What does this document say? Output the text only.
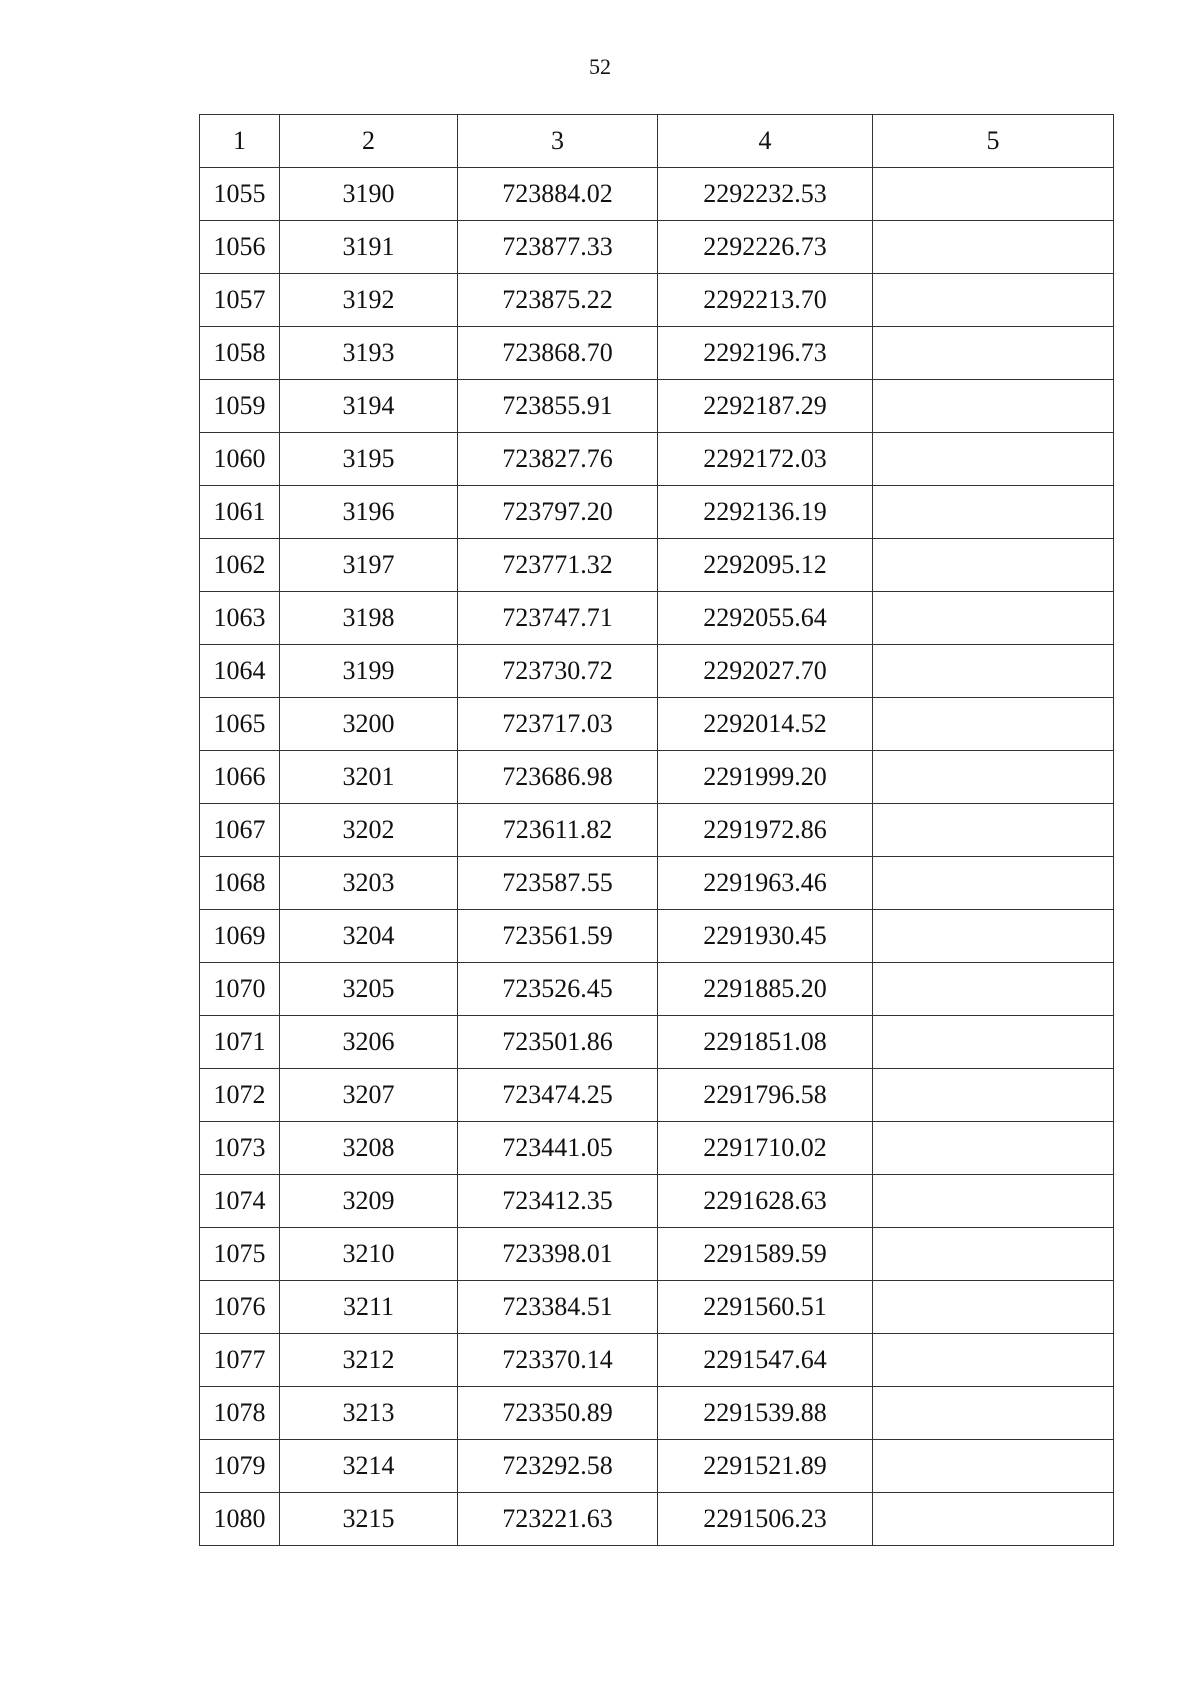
52
1	2	3	4	5
1055	3190	723884.02	2292232.53	
1056	3191	723877.33	2292226.73	
1057	3192	723875.22	2292213.70	
1058	3193	723868.70	2292196.73	
1059	3194	723855.91	2292187.29	
1060	3195	723827.76	2292172.03	
1061	3196	723797.20	2292136.19	
1062	3197	723771.32	2292095.12	
1063	3198	723747.71	2292055.64	
1064	3199	723730.72	2292027.70	
1065	3200	723717.03	2292014.52	
1066	3201	723686.98	2291999.20	
1067	3202	723611.82	2291972.86	
1068	3203	723587.55	2291963.46	
1069	3204	723561.59	2291930.45	
1070	3205	723526.45	2291885.20	
1071	3206	723501.86	2291851.08	
1072	3207	723474.25	2291796.58	
1073	3208	723441.05	2291710.02	
1074	3209	723412.35	2291628.63	
1075	3210	723398.01	2291589.59	
1076	3211	723384.51	2291560.51	
1077	3212	723370.14	2291547.64	
1078	3213	723350.89	2291539.88	
1079	3214	723292.58	2291521.89	
1080	3215	723221.63	2291506.23	
